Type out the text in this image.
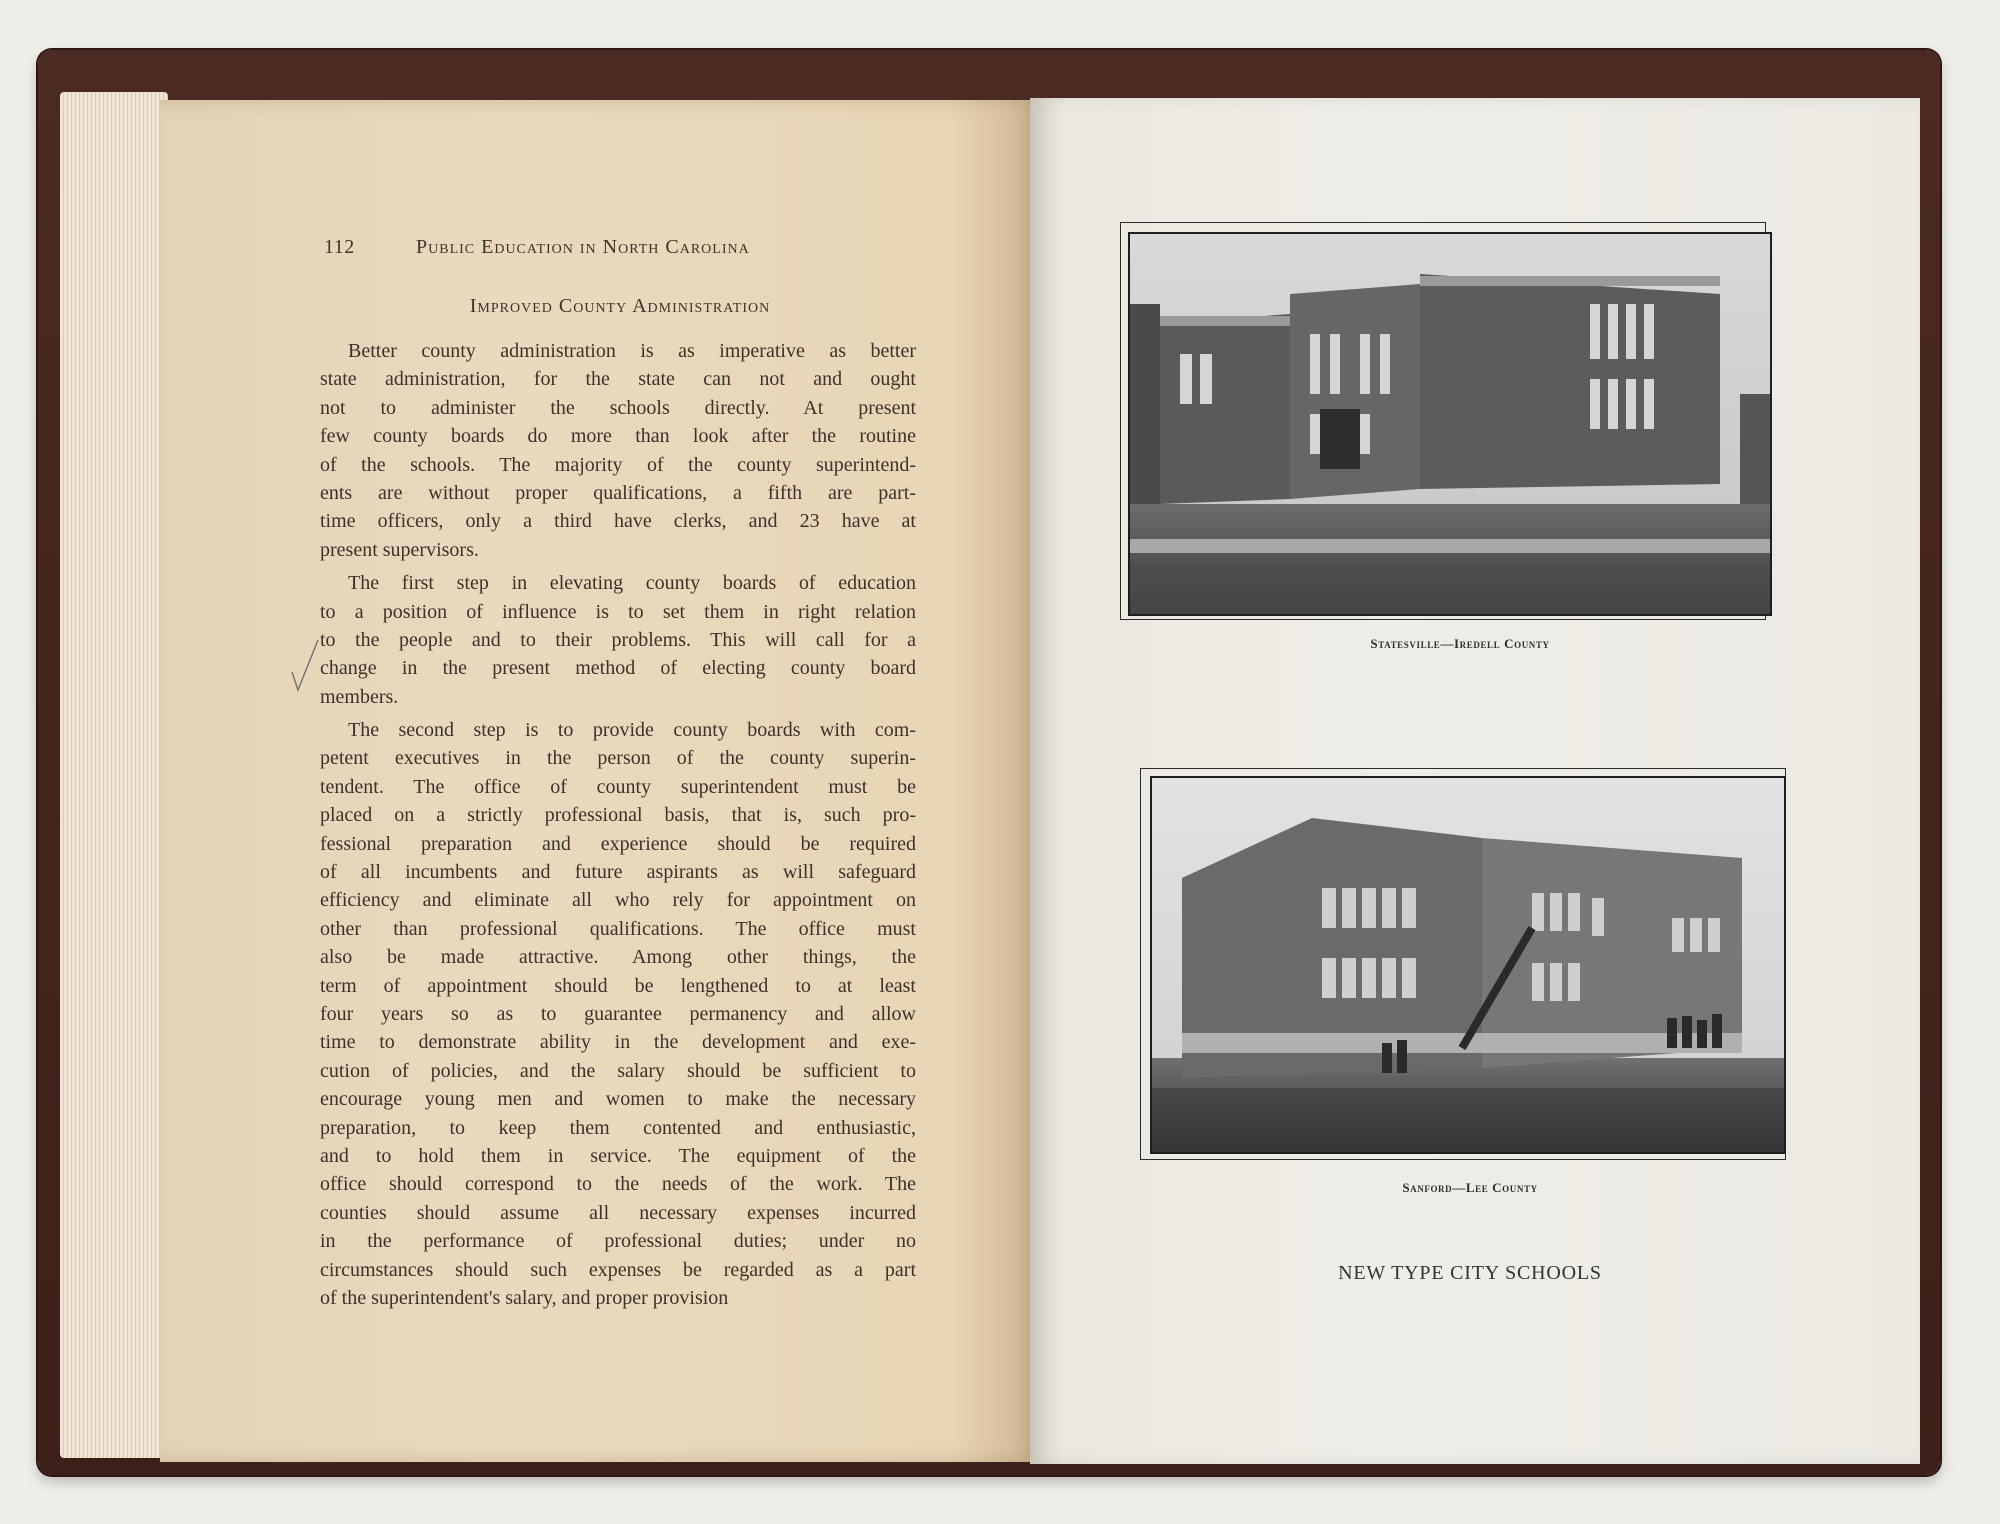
112	Public Education in North Carolina
Improved County Administration
Better county administration is as imperative as better
state administration, for the state can not and ought
not to administer the schools directly. At present
few county boards do more than look after the routine
of the schools. The majority of the county superintend-
ents are without proper qualifications, a fifth are part-
time officers, only a third have clerks, and 23 have at
present supervisors.
The first step in elevating county boards of education
to a position of influence is to set them in right relation
to the people and to their problems. This will call for a
change in the present method of electing county board
members.
The second step is to provide county boards with com-
petent executives in the person of the county superin-
tendent. The office of county superintendent must be
placed on a strictly professional basis, that is, such pro-
fessional preparation and experience should be required
of all incumbents and future aspirants as will safeguard
efficiency and eliminate all who rely for appointment on
other than professional qualifications. The office must
also be made attractive. Among other things, the
term of appointment should be lengthened to at least
four years so as to guarantee permanency and allow
time to demonstrate ability in the development and exe-
cution of policies, and the salary should be sufficient to
encourage young men and women to make the necessary
preparation, to keep them contented and enthusiastic,
and to hold them in service. The equipment of the
office should correspond to the needs of the work. The
counties should assume all necessary expenses incurred
in the performance of professional duties; under no
circumstances should such expenses be regarded as a part
of the superintendent's salary, and proper provision
Statesville—Iredell County
Sanford—Lee County
NEW TYPE CITY SCHOOLS
